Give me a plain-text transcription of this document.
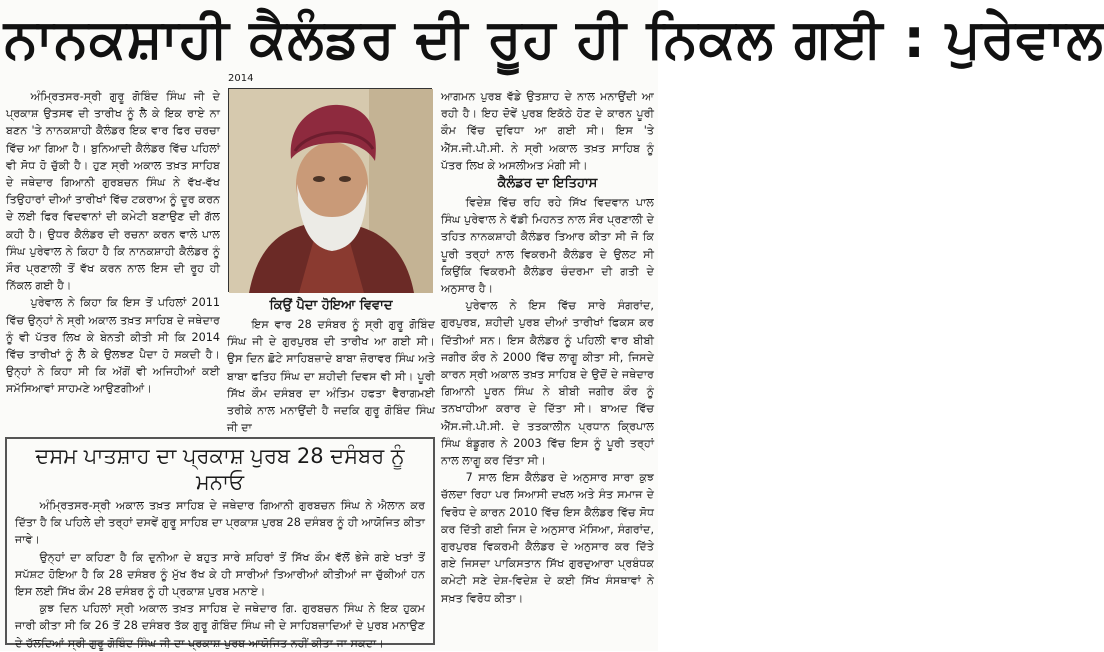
ਨਾਨਕਸ਼ਾਹੀ ਕੈਲੰਡਰ ਦੀ ਰੂਹ ਹੀ ਨਿਕਲ ਗਈ : ਪੁਰੇਵਾਲ

ਅੰਮ੍ਰਿਤਸਰ-ਸ੍ਰੀ ਗੁਰੂ ਗੋਬਿੰਦ ਸਿੰਘ ਜੀ ਦੇ ਪ੍ਰਕਾਸ਼ ਉਤਸਵ ਦੀ ਤਾਰੀਖ ਨੂੰ ਲੈ ਕੇ ਇਕ ਰਾਏ ਨਾ ਬਣਨ 'ਤੇ ਨਾਨਕਸ਼ਾਹੀ ਕੈਲੰਡਰ ਇਕ ਵਾਰ ਫਿਰ ਚਰਚਾ ਵਿੱਚ ਆ ਗਿਆ ਹੈ। ਬੁਨਿਆਦੀ ਕੈਲੰਡਰ ਵਿੱਚ ਪਹਿਲਾਂ ਵੀ ਸੋਧ ਹੋ ਚੁੱਕੀ ਹੈ। ਹੁਣ ਸ੍ਰੀ ਅਕਾਲ ਤਖ਼ਤ ਸਾਹਿਬ ਦੇ ਜਥੇਦਾਰ ਗਿਆਨੀ ਗੁਰਬਚਨ ਸਿੰਘ ਨੇ ਵੱਖ-ਵੱਖ ਤਿਉਹਾਰਾਂ ਦੀਆਂ ਤਾਰੀਖਾਂ ਵਿੱਚ ਟਕਰਾਅ ਨੂੰ ਦੂਰ ਕਰਨ ਦੇ ਲਈ ਫਿਰ ਵਿਦਵਾਨਾਂ ਦੀ ਕਮੇਟੀ ਬਣਾਉਣ ਦੀ ਗੱਲ ਕਹੀ ਹੈ। ਉਧਰ ਕੈਲੰਡਰ ਦੀ ਰਚਨਾ ਕਰਨ ਵਾਲੇ ਪਾਲ ਸਿੰਘ ਪੁਰੇਵਾਲ ਨੇ ਕਿਹਾ ਹੈ ਕਿ ਨਾਨਕਸ਼ਾਹੀ ਕੈਲੰਡਰ ਨੂੰ ਸੌਰ ਪ੍ਰਣਾਲੀ ਤੋਂ ਵੱਖ ਕਰਨ ਨਾਲ ਇਸ ਦੀ ਰੂਹ ਹੀ ਨਿੱਕਲ ਗਈ ਹੈ।

ਪੁਰੇਵਾਲ ਨੇ ਕਿਹਾ ਕਿ ਇਸ ਤੋਂ ਪਹਿਲਾਂ 2011 ਵਿੱਚ ਉਨ੍ਹਾਂ ਨੇ ਸ੍ਰੀ ਅਕਾਲ ਤਖ਼ਤ ਸਾਹਿਬ ਦੇ ਜਥੇਦਾਰ ਨੂੰ ਵੀ ਪੱਤਰ ਲਿਖ ਕੇ ਬੇਨਤੀ ਕੀਤੀ ਸੀ ਕਿ 2014 ਵਿੱਚ ਤਾਰੀਖਾਂ ਨੂੰ ਲੈ ਕੇ ਉਲਝਣ ਪੈਦਾ ਹੋ ਸਕਦੀ ਹੈ। ਉਨ੍ਹਾਂ ਨੇ ਕਿਹਾ ਸੀ ਕਿ ਅੱਗੋਂ ਵੀ ਅਜਿਹੀਆਂ ਕਈ ਸਮੱਸਿਆਵਾਂ ਸਾਹਮਣੇ ਆਉਣਗੀਆਂ।

2014
ਕਿਉਂ ਪੈਦਾ ਹੋਇਆ ਵਿਵਾਦ

ਇਸ ਵਾਰ 28 ਦਸੰਬਰ ਨੂੰ ਸ੍ਰੀ ਗੁਰੂ ਗੋਬਿੰਦ ਸਿੰਘ ਜੀ ਦੇ ਗੁਰਪੁਰਬ ਦੀ ਤਾਰੀਖ ਆ ਗਈ ਸੀ। ਉਸ ਦਿਨ ਛੋਟੇ ਸਾਹਿਬਜ਼ਾਦੇ ਬਾਬਾ ਜ਼ੋਰਾਵਰ ਸਿੰਘ ਅਤੇ ਬਾਬਾ ਫਤਿਹ ਸਿੰਘ ਦਾ ਸ਼ਹੀਦੀ ਦਿਵਸ ਵੀ ਸੀ। ਪੂਰੀ ਸਿੱਖ ਕੌਮ ਦਸੰਬਰ ਦਾ ਅੰਤਿਮ ਹਫਤਾ ਵੈਰਾਗਮਈ ਤਰੀਕੇ ਨਾਲ ਮਨਾਉਂਦੀ ਹੈ ਜਦਕਿ ਗੁਰੂ ਗੋਬਿੰਦ ਸਿੰਘ ਜੀ ਦਾ

ਆਗਮਨ ਪੁਰਬ ਵੱਡੇ ਉਤਸ਼ਾਹ ਦੇ ਨਾਲ ਮਨਾਉਂਦੀ ਆ ਰਹੀ ਹੈ। ਇਹ ਦੋਵੇਂ ਪੁਰਬ ਇਕੱਠੇ ਹੋਣ ਦੇ ਕਾਰਨ ਪੂਰੀ ਕੌਮ ਵਿੱਚ ਦੁਵਿਧਾ ਆ ਗਈ ਸੀ। ਇਸ 'ਤੇ ਐੱਸ.ਜੀ.ਪੀ.ਸੀ. ਨੇ ਸ੍ਰੀ ਅਕਾਲ ਤਖ਼ਤ ਸਾਹਿਬ ਨੂੰ ਪੱਤਰ ਲਿਖ ਕੇ ਅਸਲੀਅਤ ਮੰਗੀ ਸੀ।

ਕੈਲੰਡਰ ਦਾ ਇਤਿਹਾਸ

ਵਿਦੇਸ਼ ਵਿੱਚ ਰਹਿ ਰਹੇ ਸਿੱਖ ਵਿਦਵਾਨ ਪਾਲ ਸਿੰਘ ਪੁਰੇਵਾਲ ਨੇ ਵੱਡੀ ਮਿਹਨਤ ਨਾਲ ਸੌਰ ਪ੍ਰਣਾਲੀ ਦੇ ਤਹਿਤ ਨਾਨਕਸ਼ਾਹੀ ਕੈਲੰਡਰ ਤਿਆਰ ਕੀਤਾ ਸੀ ਜੋ ਕਿ ਪੂਰੀ ਤਰ੍ਹਾਂ ਨਾਲ ਵਿਕਰਮੀ ਕੈਲੰਡਰ ਦੇ ਉਲਟ ਸੀ ਕਿਉਂਕਿ ਵਿਕਰਮੀ ਕੈਲੰਡਰ ਚੰਦਰਮਾ ਦੀ ਗਤੀ ਦੇ ਅਨੁਸਾਰ ਹੈ।

ਪੁਰੇਵਾਲ ਨੇ ਇਸ ਵਿੱਚ ਸਾਰੇ ਸੰਗਰਾਂਦ, ਗੁਰਪੁਰਬ, ਸ਼ਹੀਦੀ ਪੁਰਬ ਦੀਆਂ ਤਾਰੀਖਾਂ ਫਿਕਸ ਕਰ ਦਿੱਤੀਆਂ ਸਨ। ਇਸ ਕੈਲੰਡਰ ਨੂੰ ਪਹਿਲੀ ਵਾਰ ਬੀਬੀ ਜਗੀਰ ਕੌਰ ਨੇ 2000 ਵਿੱਚ ਲਾਗੂ ਕੀਤਾ ਸੀ, ਜਿਸਦੇ ਕਾਰਨ ਸ੍ਰੀ ਅਕਾਲ ਤਖ਼ਤ ਸਾਹਿਬ ਦੇ ਉਦੋਂ ਦੇ ਜਥੇਦਾਰ ਗਿਆਨੀ ਪੂਰਨ ਸਿੰਘ ਨੇ ਬੀਬੀ ਜਗੀਰ ਕੌਰ ਨੂੰ ਤਨਖਾਹੀਆ ਕਰਾਰ ਦੇ ਦਿੱਤਾ ਸੀ। ਬਾਅਦ ਵਿੱਚ ਐੱਸ.ਜੀ.ਪੀ.ਸੀ. ਦੇ ਤਤਕਾਲੀਨ ਪ੍ਰਧਾਨ ਕ੍ਰਿਪਾਲ ਸਿੰਘ ਬੰਡੂਗਰ ਨੇ 2003 ਵਿੱਚ ਇਸ ਨੂੰ ਪੂਰੀ ਤਰ੍ਹਾਂ ਨਾਲ ਲਾਗੂ ਕਰ ਦਿੱਤਾ ਸੀ।

7 ਸਾਲ ਇਸ ਕੈਲੰਡਰ ਦੇ ਅਨੁਸਾਰ ਸਾਰਾ ਕੁਝ ਚੱਲਦਾ ਰਿਹਾ ਪਰ ਸਿਆਸੀ ਦਖਲ ਅਤੇ ਸੰਤ ਸਮਾਜ ਦੇ ਵਿਰੋਧ ਦੇ ਕਾਰਨ 2010 ਵਿੱਚ ਇਸ ਕੈਲੰਡਰ ਵਿੱਚ ਸੋਧ ਕਰ ਦਿੱਤੀ ਗਈ ਜਿਸ ਦੇ ਅਨੁਸਾਰ ਮੱਸਿਆ, ਸੰਗਰਾਂਦ, ਗੁਰਪੁਰਬ ਵਿਕਰਮੀ ਕੈਲੰਡਰ ਦੇ ਅਨੁਸਾਰ ਕਰ ਦਿੱਤੇ ਗਏ ਜਿਸਦਾ ਪਾਕਿਸਤਾਨ ਸਿੱਖ ਗੁਰਦੁਆਰਾ ਪ੍ਰਬੰਧਕ ਕਮੇਟੀ ਸਣੇ ਦੇਸ਼-ਵਿਦੇਸ਼ ਦੇ ਕਈ ਸਿੱਖ ਸੰਸਥਾਵਾਂ ਨੇ ਸਖ਼ਤ ਵਿਰੋਧ ਕੀਤਾ।

ਦਸਮ ਪਾਤਸ਼ਾਹ ਦਾ ਪ੍ਰਕਾਸ਼ ਪੁਰਬ 28 ਦਸੰਬਰ ਨੂੰ ਮਨਾਓ

ਅੰਮ੍ਰਿਤਸਰ-ਸ੍ਰੀ ਅਕਾਲ ਤਖ਼ਤ ਸਾਹਿਬ ਦੇ ਜਥੇਦਾਰ ਗਿਆਨੀ ਗੁਰਬਚਨ ਸਿੰਘ ਨੇ ਐਲਾਨ ਕਰ ਦਿੱਤਾ ਹੈ ਕਿ ਪਹਿਲੇ ਦੀ ਤਰ੍ਹਾਂ ਦਸਵੇਂ ਗੁਰੂ ਸਾਹਿਬ ਦਾ ਪ੍ਰਕਾਸ਼ ਪੁਰਬ 28 ਦਸੰਬਰ ਨੂੰ ਹੀ ਆਯੋਜਿਤ ਕੀਤਾ ਜਾਵੇ।

ਉਨ੍ਹਾਂ ਦਾ ਕਹਿਣਾ ਹੈ ਕਿ ਦੁਨੀਆ ਦੇ ਬਹੁਤ ਸਾਰੇ ਸ਼ਹਿਰਾਂ ਤੋਂ ਸਿੱਖ ਕੌਮ ਵੱਲੋਂ ਭੇਜੇ ਗਏ ਖਤਾਂ ਤੋਂ ਸਪੱਸ਼ਟ ਹੋਇਆ ਹੈ ਕਿ 28 ਦਸੰਬਰ ਨੂੰ ਮੁੱਖ ਰੱਖ ਕੇ ਹੀ ਸਾਰੀਆਂ ਤਿਆਰੀਆਂ ਕੀਤੀਆਂ ਜਾ ਚੁੱਕੀਆਂ ਹਨ ਇਸ ਲਈ ਸਿੱਖ ਕੌਮ 28 ਦਸੰਬਰ ਨੂੰ ਹੀ ਪ੍ਰਕਾਸ਼ ਪੁਰਬ ਮਨਾਏ।

ਕੁਝ ਦਿਨ ਪਹਿਲਾਂ ਸ੍ਰੀ ਅਕਾਲ ਤਖ਼ਤ ਸਾਹਿਬ ਦੇ ਜਥੇਦਾਰ ਗਿ. ਗੁਰਬਚਨ ਸਿੰਘ ਨੇ ਇਕ ਹੁਕਮ ਜਾਰੀ ਕੀਤਾ ਸੀ ਕਿ 26 ਤੋਂ 28 ਦਸੰਬਰ ਤੱਕ ਗੁਰੂ ਗੋਬਿੰਦ ਸਿੰਘ ਜੀ ਦੇ ਸਾਹਿਬਜ਼ਾਦਿਆਂ ਦੇ ਪੁਰਬ ਮਨਾਉਣ ਦੇ ਚੱਲਦਿਆਂ ਸ੍ਰੀ ਗੁਰੂ ਗੋਬਿੰਦ ਸਿੰਘ ਜੀ ਦਾ ਪ੍ਰਕਾਸ਼ ਪੁਰਬ ਆਯੋਜਿਤ ਨਹੀਂ ਕੀਤਾ ਜਾ ਸਕਦਾ।
